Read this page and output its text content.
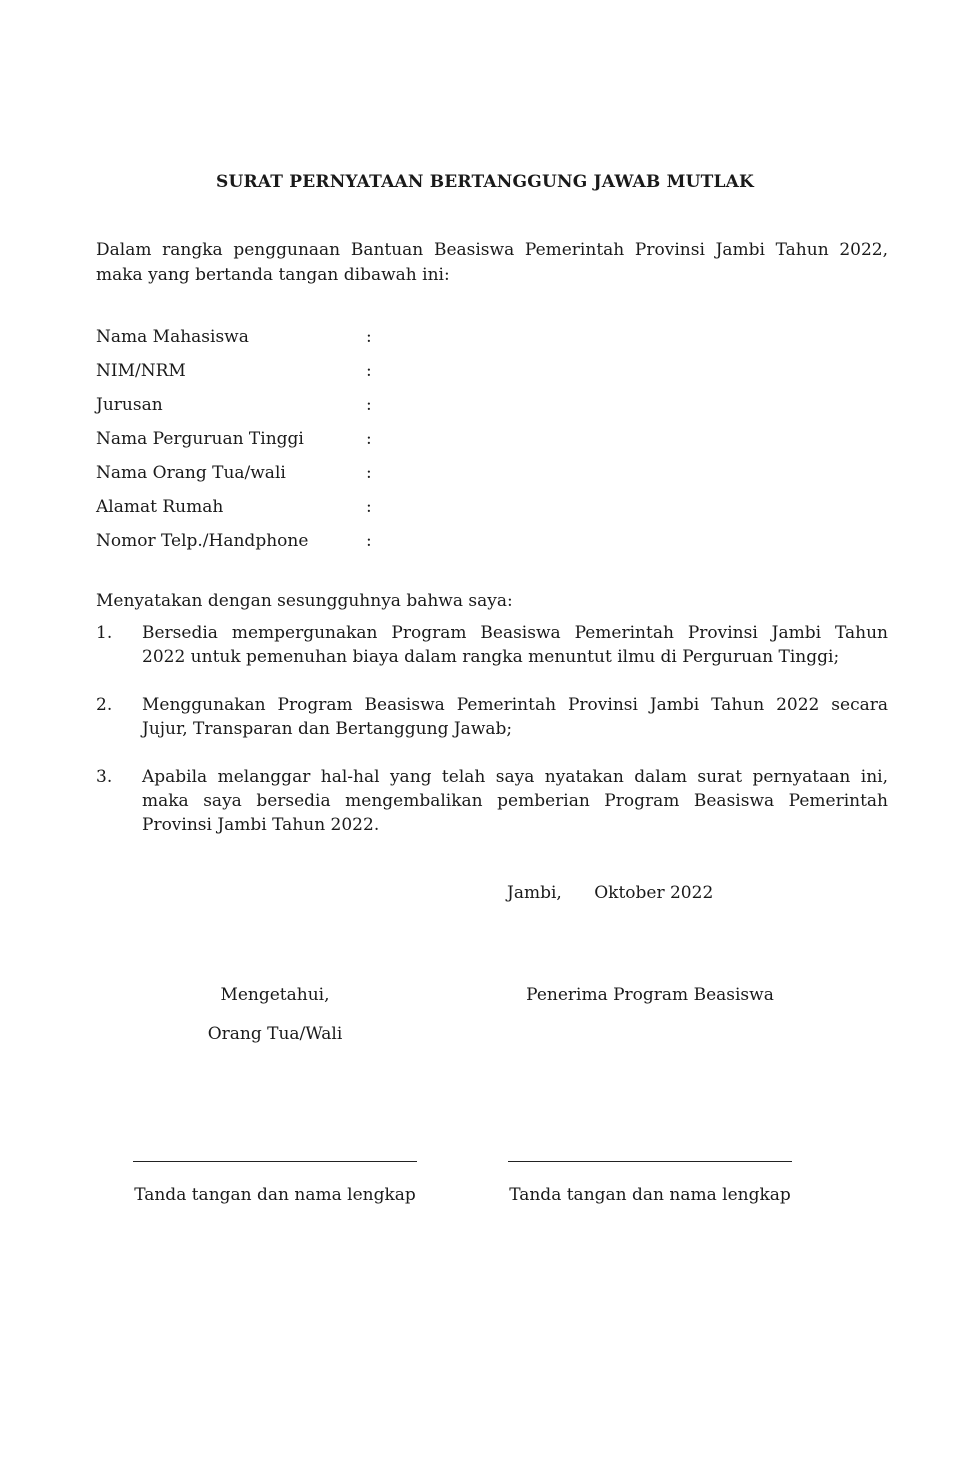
SURAT PERNYATAAN BERTANGGUNG JAWAB MUTLAK
Dalam rangka penggunaan Bantuan Beasiswa Pemerintah Provinsi Jambi Tahun 2022,
maka yang bertanda tangan dibawah ini:
Nama Mahasiswa	:
NIM/NRM	:
Jurusan	:
Nama Perguruan Tinggi	:
Nama Orang Tua/wali	:
Alamat Rumah	:
Nomor Telp./Handphone	:
Menyatakan dengan sesungguhnya bahwa saya:
1. Bersedia mempergunakan Program Beasiswa Pemerintah Provinsi Jambi Tahun
2022 untuk pemenuhan biaya dalam rangka menuntut ilmu di Perguruan Tinggi;
2. Menggunakan Program Beasiswa Pemerintah Provinsi Jambi Tahun 2022 secara
Jujur, Transparan dan Bertanggung Jawab;
3. Apabila melanggar hal-hal yang telah saya nyatakan dalam surat pernyataan ini,
maka saya bersedia mengembalikan pemberian Program Beasiswa Pemerintah
Provinsi Jambi Tahun 2022.
Jambi,      Oktober 2022
Mengetahui,
Orang Tua/Wali
Penerima Program Beasiswa
Tanda tangan dan nama lengkap	Tanda tangan dan nama lengkap
